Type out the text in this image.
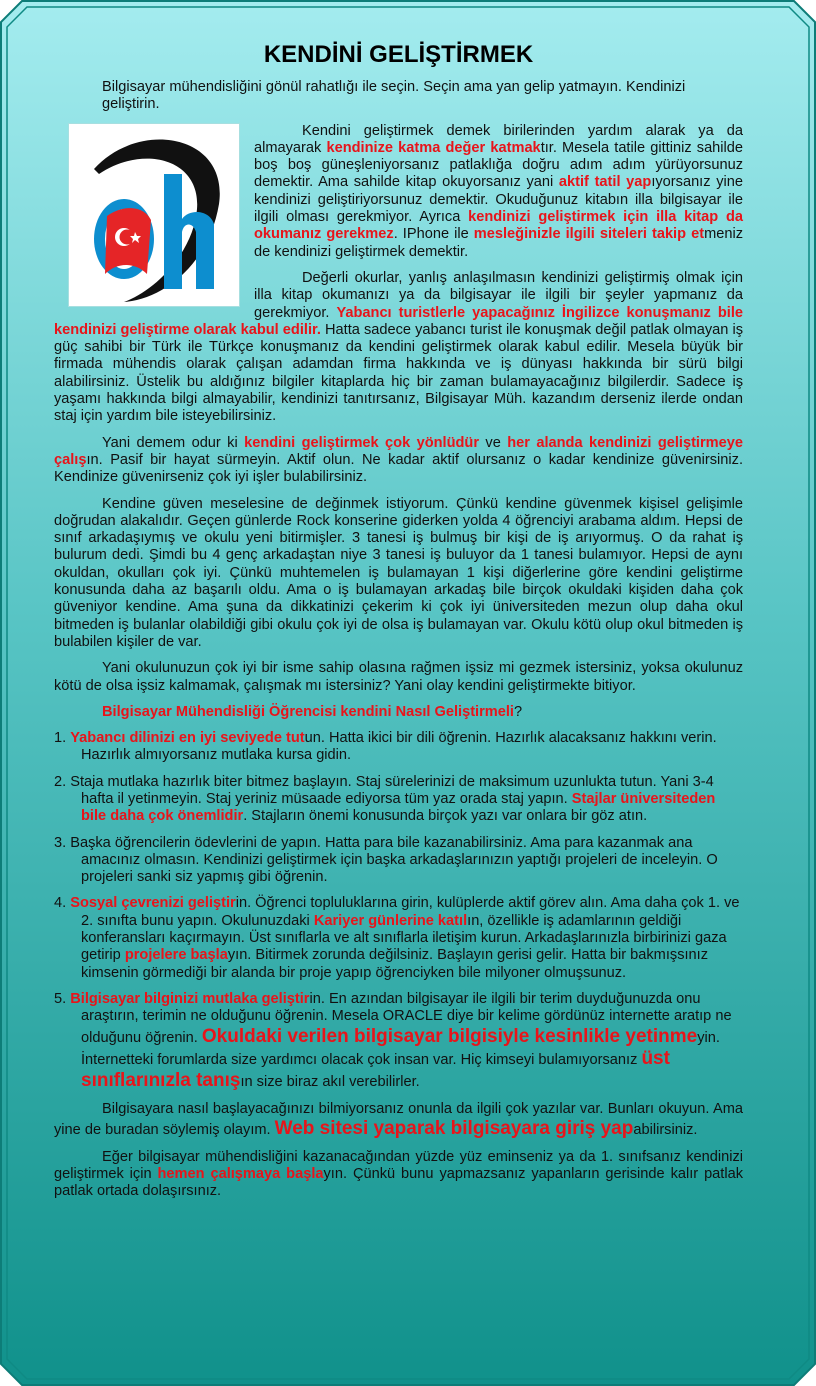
KENDİNİ GELİŞTİRMEK
Bilgisayar mühendisliğini gönül rahatlığı ile seçin. Seçin ama yan gelip yatmayın. Kendinizi geliştirin.

Kendini geliştirmek demek birilerinden yardım alarak ya da almayarak kendinize katma değer katmaktır. Mesela tatile gittiniz sahilde boş boş güneşleniyorsanız patlaklığa doğru adım adım yürüyorsunuz demektir. Ama sahilde kitap okuyorsanız yani aktif tatil yapıyorsanız yine kendinizi geliştiriyorsunuz demektir. Okuduğunuz kitabın illa bilgisayar ile ilgili olması gerekmiyor. Ayrıca kendinizi geliştirmek için illa kitap da okumanız gerekmez. IPhone ile mesleğinizle ilgili siteleri takip etmeniz de kendinizi geliştirmek demektir.

Değerli okurlar, yanlış anlaşılmasın kendinizi geliştirmiş olmak için illa kitap okumanızı ya da bilgisayar ile ilgili bir şeyler yapmanız da gerekmiyor. Yabancı turistlerle yapacağınız İngilizce konuşmanız bile kendinizi geliştirme olarak kabul edilir. Hatta sadece yabancı turist ile konuşmak değil patlak olmayan iş güç sahibi bir Türk ile Türkçe konuşmanız da kendini geliştirmek olarak kabul edilir. Mesela büyük bir firmada mühendis olarak çalışan adamdan firma hakkında ve iş dünyası hakkında bir sürü bilgi alabilirsiniz. Üstelik bu aldığınız bilgiler kitaplarda hiç bir zaman bulamayacağınız bilgilerdir. Sadece iş yaşamı hakkında bilgi almayabilir, kendinizi tanıtırsanız, Bilgisayar Müh. kazandım derseniz ilerde ondan staj için yardım bile isteyebilirsiniz.

Yani demem odur ki kendini geliştirmek çok yönlüdür ve her alanda kendinizi geliştirmeye çalışın. Pasif bir hayat sürmeyin. Aktif olun. Ne kadar aktif olursanız o kadar kendinize güvenirsiniz. Kendinize güvenirseniz çok iyi işler bulabilirsiniz.

Kendine güven meselesine de değinmek istiyorum. Çünkü kendine güvenmek kişisel gelişimle doğrudan alakalıdır. Geçen günlerde Rock konserine giderken yolda 4 öğrenciyi arabama aldım. Hepsi de sınıf arkadaşıymış ve okulu yeni bitirmişler. 3 tanesi iş bulmuş bir kişi de iş arıyormuş. O da rahat iş bulurum dedi. Şimdi bu 4 genç arkadaştan niye 3 tanesi iş buluyor da 1 tanesi bulamıyor. Hepsi de aynı okuldan, okulları çok iyi. Çünkü muhtemelen iş bulamayan 1 kişi diğerlerine göre kendini geliştirme konusunda daha az başarılı oldu. Ama o iş bulamayan arkadaş bile birçok okuldaki kişiden daha çok güveniyor kendine. Ama şuna da dikkatinizi çekerim ki çok iyi üniversiteden mezun olup daha okul bitmeden iş bulanlar olabildiği gibi okulu çok iyi de olsa iş bulamayan var. Okulu kötü olup okul bitmeden iş bulabilen kişiler de var.

Yani okulunuzun çok iyi bir isme sahip olasına rağmen işsiz mi gezmek istersiniz, yoksa okulunuz kötü de olsa işsiz kalmamak, çalışmak mı istersiniz? Yani olay kendini geliştirmekte bitiyor.

Bilgisayar Mühendisliği Öğrencisi kendini Nasıl Geliştirmeli?
1. Yabancı dilinizi en iyi seviyede tutun. Hatta ikici bir dili öğrenin. Hazırlık alacaksanız hakkını verin. Hazırlık almıyorsanız mutlaka kursa gidin.
2. Staja mutlaka hazırlık biter bitmez başlayın. Staj sürelerinizi de maksimum uzunlukta tutun. Yani 3-4 hafta il yetinmeyin. Staj yeriniz müsaade ediyorsa tüm yaz orada staj yapın. Stajlar üniversiteden bile daha çok önemlidir. Stajların önemi konusunda birçok yazı var onlara bir göz atın.
3. Başka öğrencilerin ödevlerini de yapın. Hatta para bile kazanabilirsiniz. Ama para kazanmak ana amacınız olmasın. Kendinizi geliştirmek için başka arkadaşlarınızın yaptığı projeleri de inceleyin. O projeleri sanki siz yapmış gibi öğrenin.
4. Sosyal çevrenizi geliştirin. Öğrenci topluluklarına girin, kulüplerde aktif görev alın. Ama daha çok 1. ve 2. sınıfta bunu yapın. Okulunuzdaki Kariyer günlerine katılın, özellikle iş adamlarının geldiği konferansları kaçırmayın. Üst sınıflarla ve alt sınıflarla iletişim kurun. Arkadaşlarınızla birbirinizi gaza getirip projelere başlayın. Bitirmek zorunda değilsiniz. Başlayın gerisi gelir. Hatta bir bakmışsınız kimsenin görmediği bir alanda bir proje yapıp öğrenciyken bile milyoner olmuşsunuz.
5. Bilgisayar bilginizi mutlaka geliştirin. En azından bilgisayar ile ilgili bir terim duyduğunuzda onu araştırın, terimin ne olduğunu öğrenin. Mesela ORACLE diye bir kelime gördünüz internette aratıp ne olduğunu öğrenin. Okuldaki verilen bilgisayar bilgisiyle kesinlikle yetinmeyin. İnternetteki forumlarda size yardımcı olacak çok insan var. Hiç kimseyi bulamıyorsanız üst sınıflarınızla tanışın size biraz akıl verebilirler.

Bilgisayara nasıl başlayacağınızı bilmiyorsanız onunla da ilgili çok yazılar var. Bunları okuyun. Ama yine de buradan söylemiş olayım. Web sitesi yaparak bilgisayara giriş yapabilirsiniz.

Eğer bilgisayar mühendisliğini kazanacağından yüzde yüz eminseniz ya da 1. sınıfsanız kendinizi geliştirmek için hemen çalışmaya başlayın. Çünkü bunu yapmazsanız yapanların gerisinde kalır patlak patlak ortada dolaşırsınız.
